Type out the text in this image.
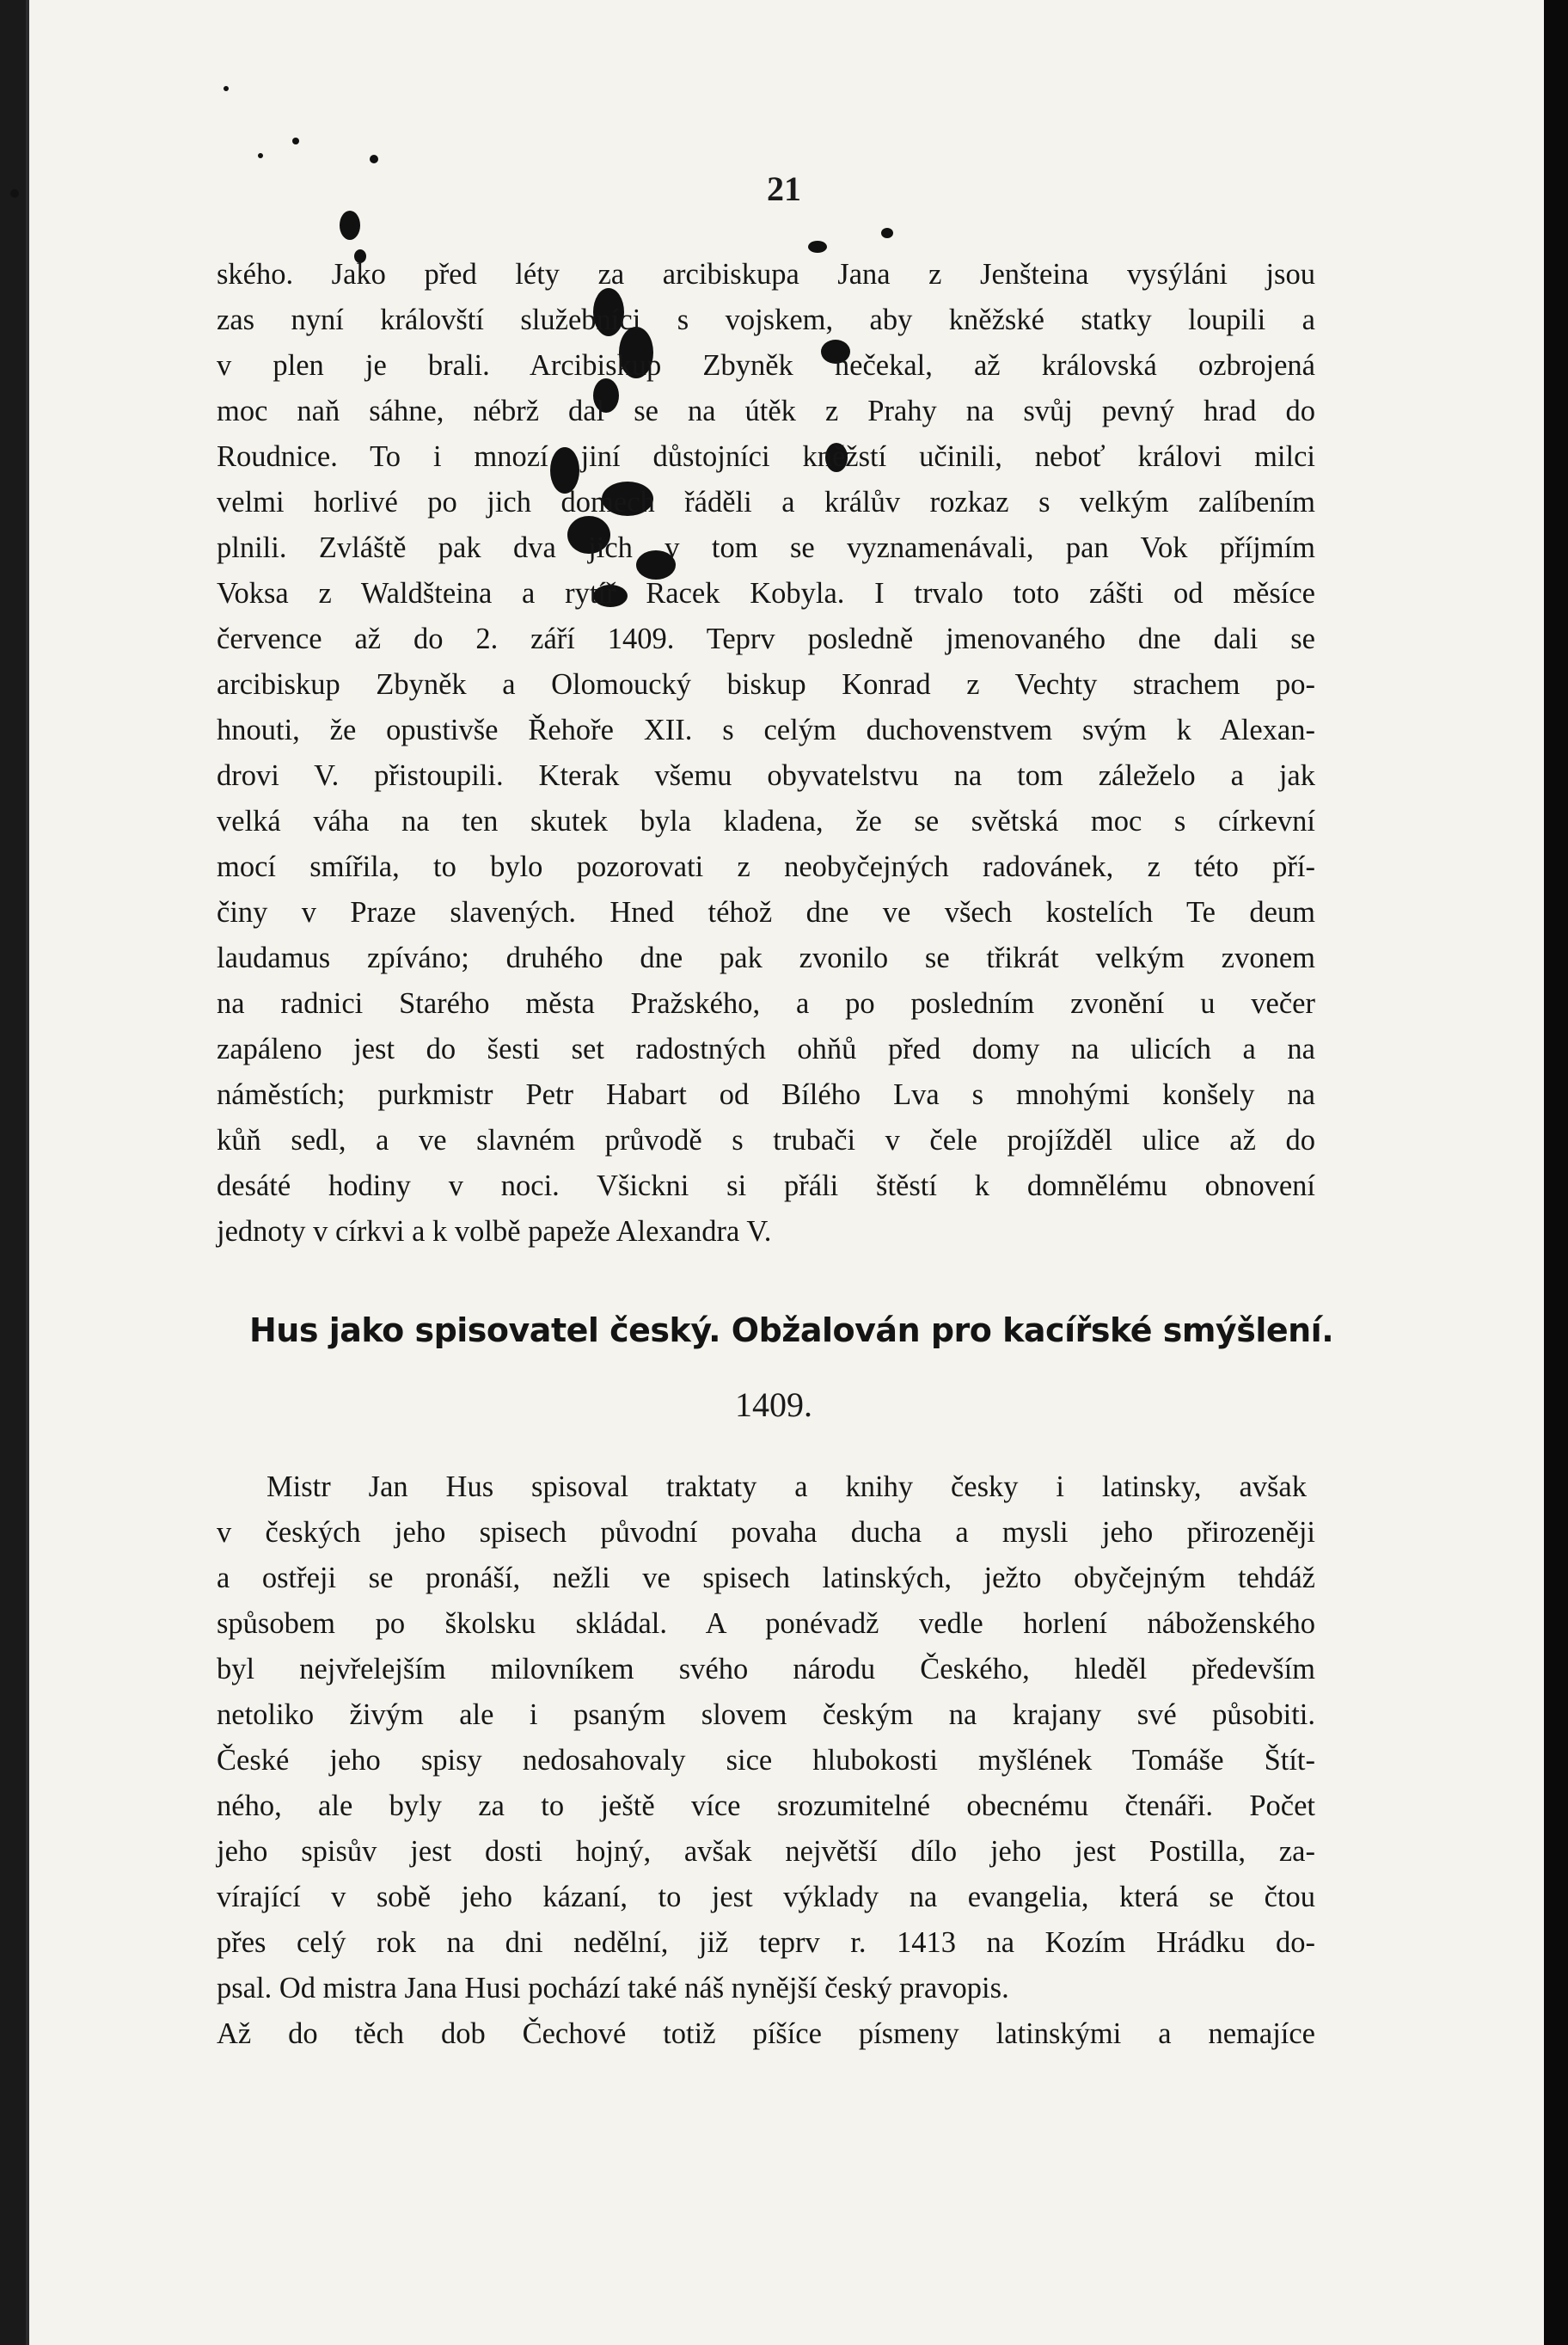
21
ského. Jako před léty za arcibiskupa Jana z Jenšteina vysýláni jsou
zas nyní královští služebníci s vojskem, aby kněžské statky loupili a
v plen je brali. Arcibiskup Zbyněk nečekal, až královská ozbrojená
moc naň sáhne, nébrž dal se na útěk z Prahy na svůj pevný hrad do
Roudnice. To i mnozí jiní důstojníci kněžstí učinili, neboť královi milci
velmi horlivé po jich domech řáděli a králův rozkaz s velkým zalíbením
plnili. Zvláště pak dva jich v tom se vyznamenávali, pan Vok příjmím
Voksa z Waldšteina a rytíř Racek Kobyla. I trvalo toto zášti od měsíce
července až do 2. září 1409. Teprv posledně jmenovaného dne dali se
arcibiskup Zbyněk a Olomoucký biskup Konrad z Vechty strachem po-
hnouti, že opustivše Řehoře XII. s celým duchovenstvem svým k Alexan-
drovi V. přistoupili. Kterak všemu obyvatelstvu na tom záleželo a jak
velká váha na ten skutek byla kladena, že se světská moc s církevní
mocí smířila, to bylo pozorovati z neobyčejných radovánek, z této pří-
činy v Praze slavených. Hned téhož dne ve všech kostelích Te deum
laudamus zpíváno; druhého dne pak zvonilo se třikrát velkým zvonem
na radnici Starého města Pražského, a po posledním zvonění u večer
zapáleno jest do šesti set radostných ohňů před domy na ulicích a na
náměstích; purkmistr Petr Habart od Bílého Lva s mnohými konšely na
kůň sedl, a ve slavném průvodě s trubači v čele projížděl ulice až do
desáté hodiny v noci. Všickni si přáli štěstí k domnělému obnovení
jednoty v církvi a k volbě papeže Alexandra V.
Hus jako spisovatel český. Obžalován pro kacířské smýšlení.
1409.
Mistr Jan Hus spisoval traktaty a knihy česky i latinsky, avšak
v českých jeho spisech původní povaha ducha a mysli jeho přirozeněji
a ostřeji se pronáší, nežli ve spisech latinských, ježto obyčejným tehdáž
spůsobem po školsku skládal. A ponévadž vedle horlení náboženského
byl nejvřelejším milovníkem svého národu Českého, hleděl především
netoliko živým ale i psaným slovem českým na krajany své působiti.
České jeho spisy nedosahovaly sice hlubokosti myšlének Tomáše Štít-
ného, ale byly za to ještě více srozumitelné obecnému čtenáři. Počet
jeho spisův jest dosti hojný, avšak největší dílo jeho jest Postilla, za-
vírající v sobě jeho kázaní, to jest výklady na evangelia, která se čtou
přes celý rok na dni nedělní, již teprv r. 1413 na Kozím Hrádku do-
psal. Od mistra Jana Husi pochází také náš nynější český pravopis.
Až do těch dob Čechové totiž píšíce písmeny latinskými a nemajíce
